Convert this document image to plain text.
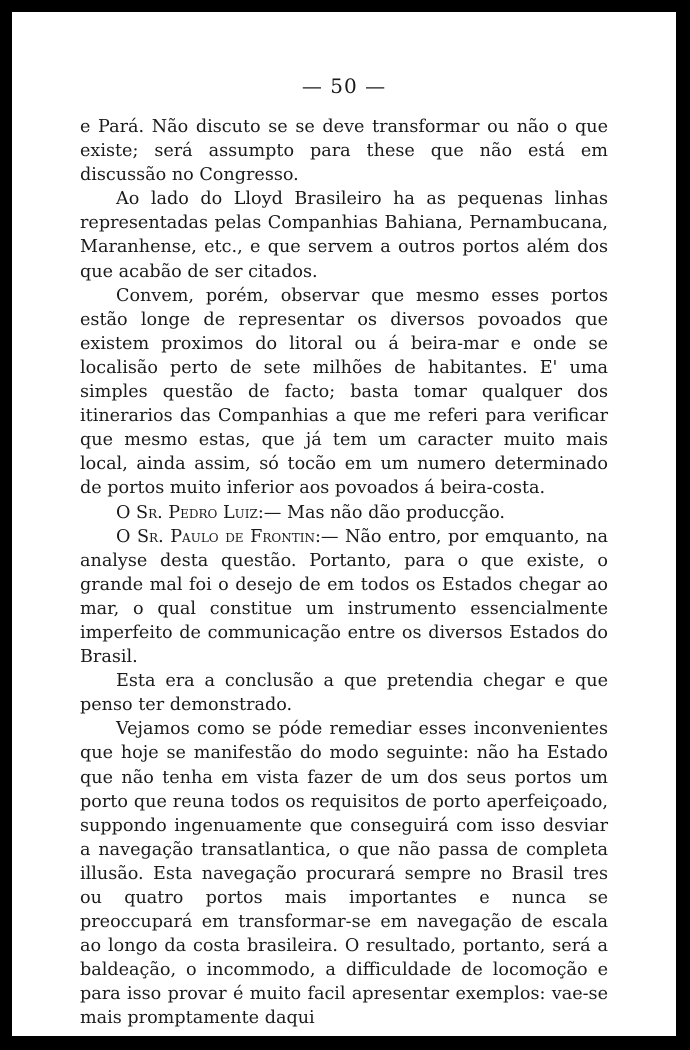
— 50 —

e Pará. Não discuto se se deve transformar ou não o que existe; será assumpto para these que não está em discussão no Congresso.

Ao lado do Lloyd Brasileiro ha as pequenas linhas representadas pelas Companhias Bahiana, Pernambucana, Maranhense, etc., e que servem a outros portos além dos que acabão de ser citados.

Convem, porém, observar que mesmo esses portos estão longe de representar os diversos povoados que existem proximos do litoral ou á beira-mar e onde se localisão perto de sete milhões de habitantes. E' uma simples questão de facto; basta tomar qualquer dos itinerarios das Companhias a que me referi para verificar que mesmo estas, que já tem um caracter muito mais local, ainda assim, só tocão em um numero determinado de portos muito inferior aos povoados á beira-costa.

O Sr. Pedro Luiz:— Mas não dão producção.

O Sr. Paulo de Frontin:— Não entro, por emquanto, na analyse desta questão. Portanto, para o que existe, o grande mal foi o desejo de em todos os Estados chegar ao mar, o qual constitue um instrumento essencialmente imperfeito de communicação entre os diversos Estados do Brasil.

Esta era a conclusão a que pretendia chegar e que penso ter demonstrado.

Vejamos como se póde remediar esses inconvenientes que hoje se manifestão do modo seguinte: não ha Estado que não tenha em vista fazer de um dos seus portos um porto que reuna todos os requisitos de porto aperfeiçoado, suppondo ingenuamente que conseguirá com isso desviar a navegação transatlantica, o que não passa de completa illusão. Esta navegação procurará sempre no Brasil tres ou quatro portos mais importantes e nunca se preoccupará em transformar-se em navegação de escala ao longo da costa brasileira. O resultado, portanto, será a baldeação, o incommodo, a difficuldade de locomoção e para isso provar é muito facil apresentar exemplos: vae-se mais promptamente daqui
